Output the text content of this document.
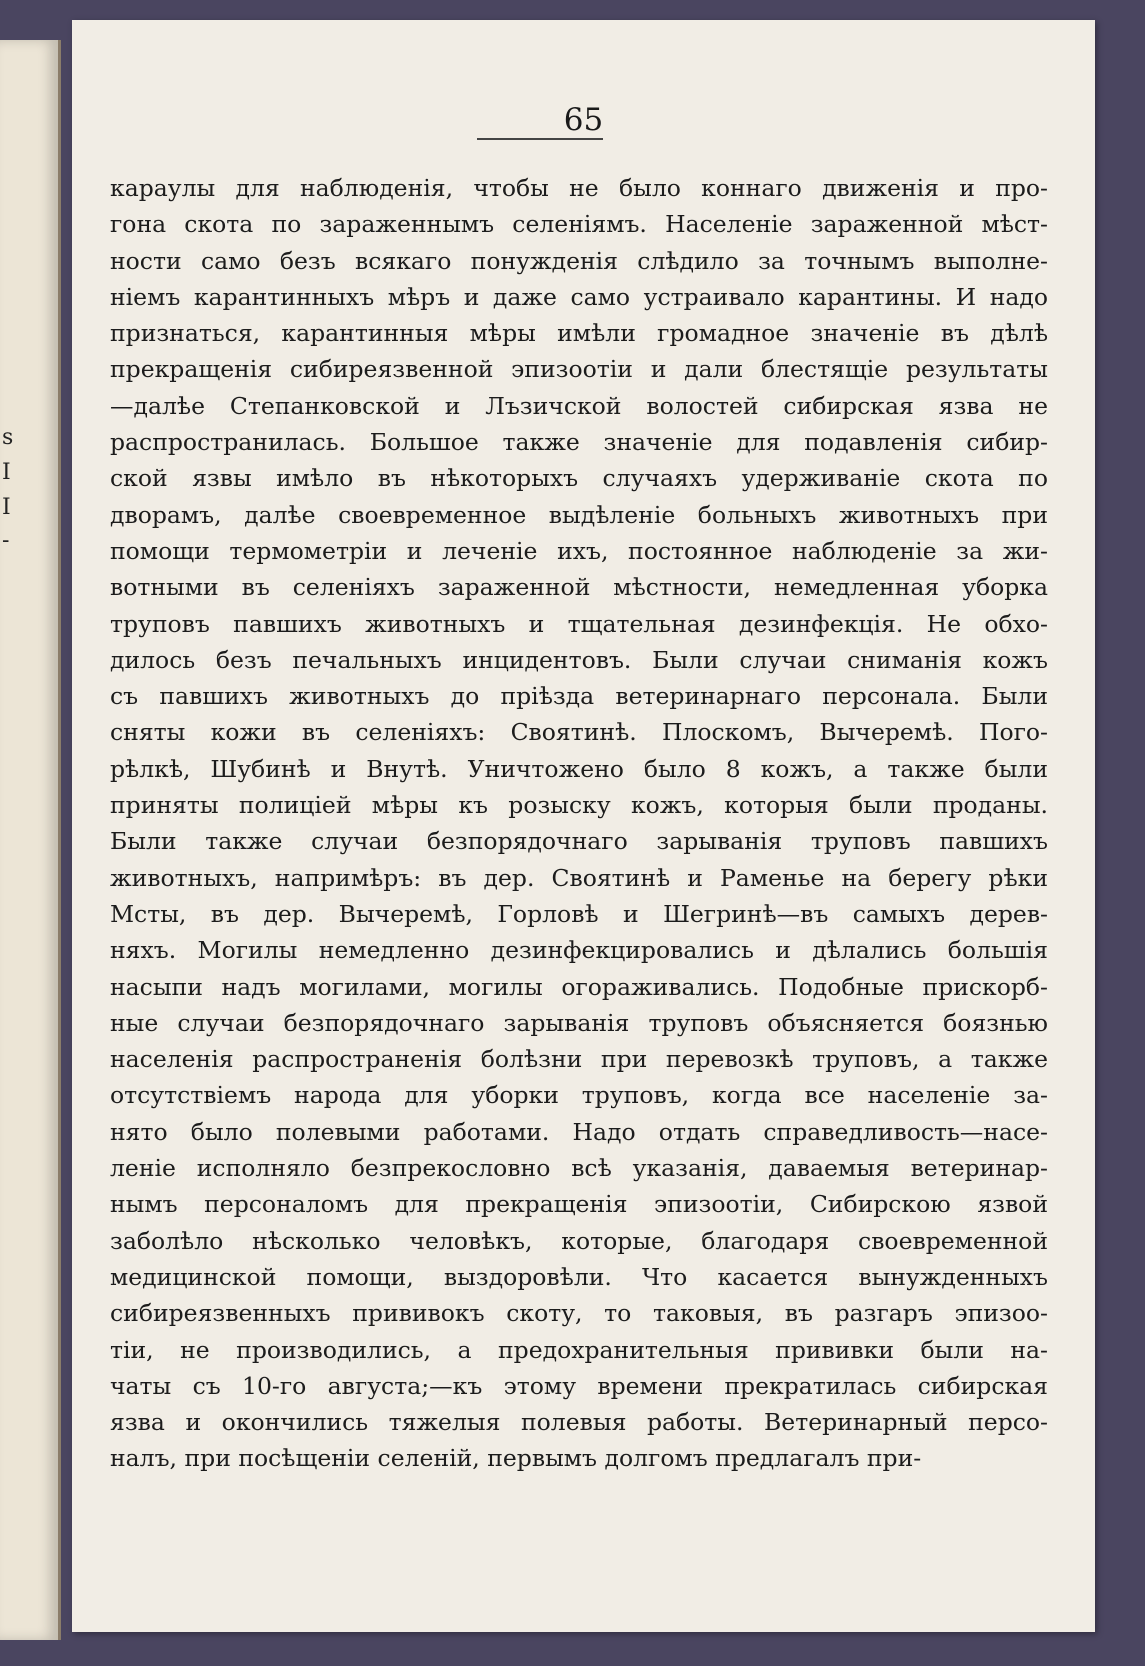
s
I
I
-
65
караулы для наблюденія, чтобы не было коннаго движенія и про-
гона скота по зараженнымъ селеніямъ. Населеніе зараженной мѣст-
ности само безъ всякаго понужденія слѣдило за точнымъ выполне-
ніемъ карантинныхъ мѣръ и даже само устраивало карантины. И надо
признаться, карантинныя мѣры имѣли громадное значеніе въ дѣлѣ
прекращенія сибиреязвенной эпизоотіи и дали блестящіе результаты
—далѣе Степанковской и Лъзичской волостей сибирская язва не
распространилась. Большое также значеніе для подавленія сибир-
ской язвы имѣло въ нѣкоторыхъ случаяхъ удерживаніе скота по
дворамъ, далѣе своевременное выдѣленіе больныхъ животныхъ при
помощи термометріи и леченіе ихъ, постоянное наблюденіе за жи-
вотными въ селеніяхъ зараженной мѣстности, немедленная уборка
труповъ павшихъ животныхъ и тщательная дезинфекція. Не обхо-
дилось безъ печальныхъ инцидентовъ. Были случаи сниманія кожъ
съ павшихъ животныхъ до пріѣзда ветеринарнаго персонала. Были
сняты кожи въ селеніяхъ: Своятинѣ. Плоскомъ, Вычеремѣ. Пого-
рѣлкѣ, Шубинѣ и Внутѣ. Уничтожено было 8 кожъ, а также были
приняты полиціей мѣры къ розыску кожъ, которыя были проданы.
Были также случаи безпорядочнаго зарыванія труповъ павшихъ
животныхъ, напримѣръ: въ дер. Своятинѣ и Раменье на берегу рѣки
Мсты, въ дер. Вычеремѣ, Горловѣ и Шегринѣ—въ самыхъ дерев-
няхъ. Могилы немедленно дезинфекцировались и дѣлались большія
насыпи надъ могилами, могилы огораживались. Подобные прискорб-
ные случаи безпорядочнаго зарыванія труповъ объясняется боязнью
населенія распространенія болѣзни при перевозкѣ труповъ, а также
отсутствіемъ народа для уборки труповъ, когда все населеніе за-
нято было полевыми работами. Надо отдать справедливость—насе-
леніе исполняло безпрекословно всѣ указанія, даваемыя ветеринар-
нымъ персоналомъ для прекращенія эпизоотіи, Сибирскою язвой
заболѣло нѣсколько человѣкъ, которые, благодаря своевременной
медицинской помощи, выздоровѣли. Что касается вынужденныхъ
сибиреязвенныхъ прививокъ скоту, то таковыя, въ разгаръ эпизоо-
тіи, не производились, а предохранительныя прививки были на-
чаты съ 10-го августа;—къ этому времени прекратилась сибирская
язва и окончились тяжелыя полевыя работы. Ветеринарный персо-
налъ, при посѣщеніи селеній, первымъ долгомъ предлагалъ при-
